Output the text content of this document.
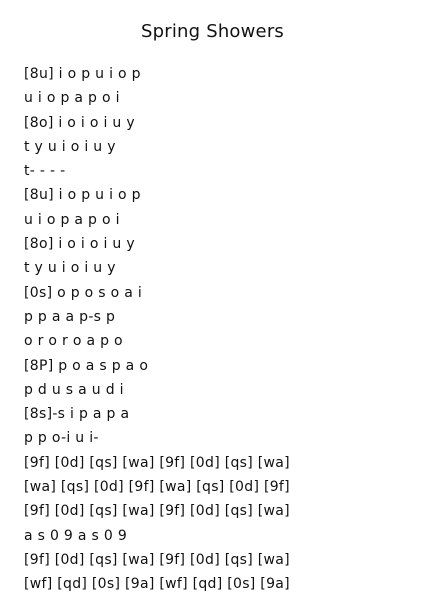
Spring Showers
[8u] i o p u i o p
u i o p a p o i
[8o] i o i o i u y
t y u i o i u y
t- - - -
[8u] i o p u i o p
u i o p a p o i
[8o] i o i o i u y
t y u i o i u y
[0s] o p o s o a i
p p a a p-s p
o r o r o a p o
[8P] p o a s p a o
p d u s a u d i
[8s]-s i p a p a
p p o-i u i-
[9f] [0d] [qs] [wa] [9f] [0d] [qs] [wa]
[wa] [qs] [0d] [9f] [wa] [qs] [0d] [9f]
[9f] [0d] [qs] [wa] [9f] [0d] [qs] [wa]
a s 0 9 a s 0 9
[9f] [0d] [qs] [wa] [9f] [0d] [qs] [wa]
[wf] [qd] [0s] [9a] [wf] [qd] [0s] [9a]
